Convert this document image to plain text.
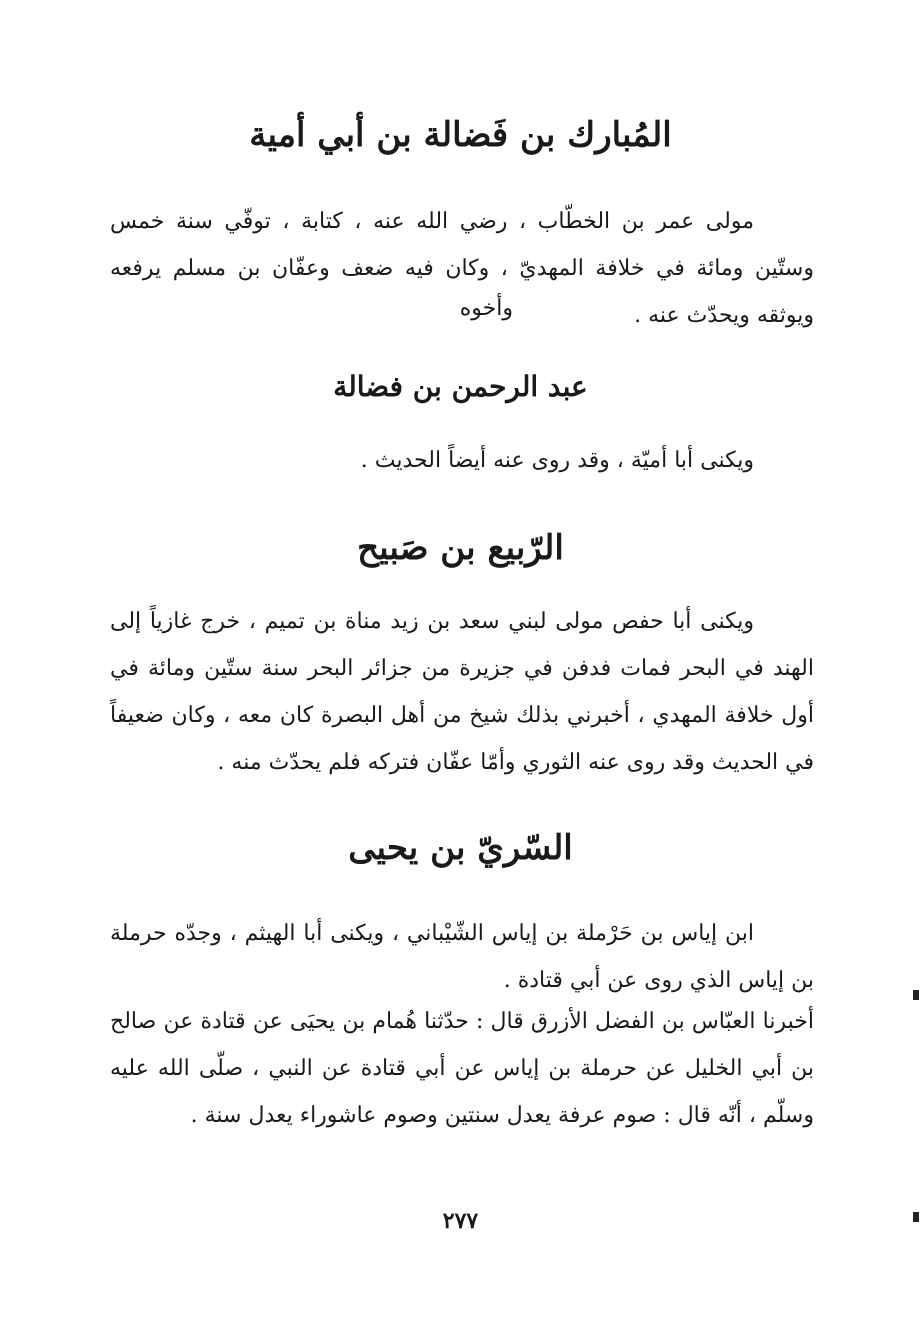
المُبارك بن فَضالة بن أبي أمية

مولى عمر بن الخطّاب ، رضي الله عنه ، كتابة ، توفّي سنة خمس وستّين ومائة في خلافة المهديّ ، وكان فيه ضعف وعفّان بن مسلم يرفعه ويوثقه ويحدّث عنه .

وأخوه

عبد الرحمن بن فضالة

ويكنى أبا أميّة ، وقد روى عنه أيضاً الحديث .

الرّبيع بن صَبيح

ويكنى أبا حفص مولى لبني سعد بن زيد مناة بن تميم ، خرج غازياً إلى الهند في البحر فمات فدفن في جزيرة من جزائر البحر سنة ستّين ومائة في أول خلافة المهدي ، أخبرني بذلك شيخ من أهل البصرة كان معه ، وكان ضعيفاً في الحديث وقد روى عنه الثوري وأمّا عفّان فتركه فلم يحدّث منه .

السّريّ بن يحيى

ابن إياس بن حَرْملة بن إياس الشّيْباني ، ويكنى أبا الهيثم ، وجدّه حرملة بن إياس الذي روى عن أبي قتادة .

أخبرنا العبّاس بن الفضل الأزرق قال : حدّثنا هُمام بن يحيَى عن قتادة عن صالح بن أبي الخليل عن حرملة بن إياس عن أبي قتادة عن النبي ، صلّى الله عليه وسلّم ، أنّه قال : صوم عرفة يعدل سنتين وصوم عاشوراء يعدل سنة .

٢٧٧
